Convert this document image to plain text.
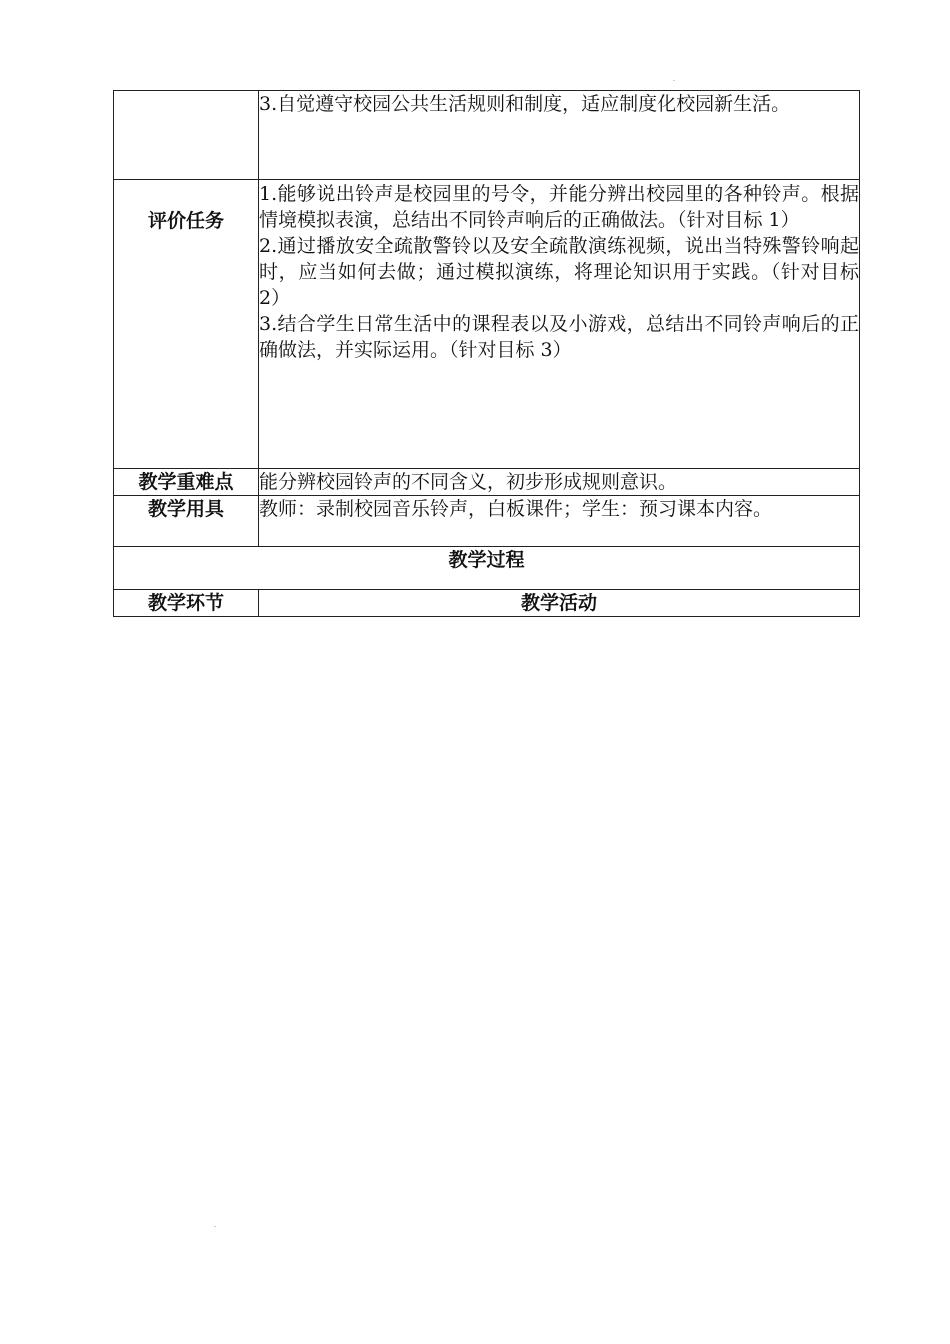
	3.自觉遵守校园公共生活规则和制度，适应制度化校园新生活。

评价任务	1.能够说出铃声是校园里的号令，并能分辨出校园里的各种铃声。根据情境模拟表演，总结出不同铃声响后的正确做法。（针对目标 1）

2.通过播放安全疏散警铃以及安全疏散演练视频，说出当特殊警铃响起时，应当如何去做；通过模拟演练，将理论知识用于实践。（针对目标 2）

3.结合学生日常生活中的课程表以及小游戏，总结出不同铃声响后的正确做法，并实际运用。（针对目标 3）

教学重难点	能分辨校园铃声的不同含义，初步形成规则意识。
教学用具	教师：录制校园音乐铃声，白板课件；学生：预习课本内容。
教学过程	
教学环节	教学活动
